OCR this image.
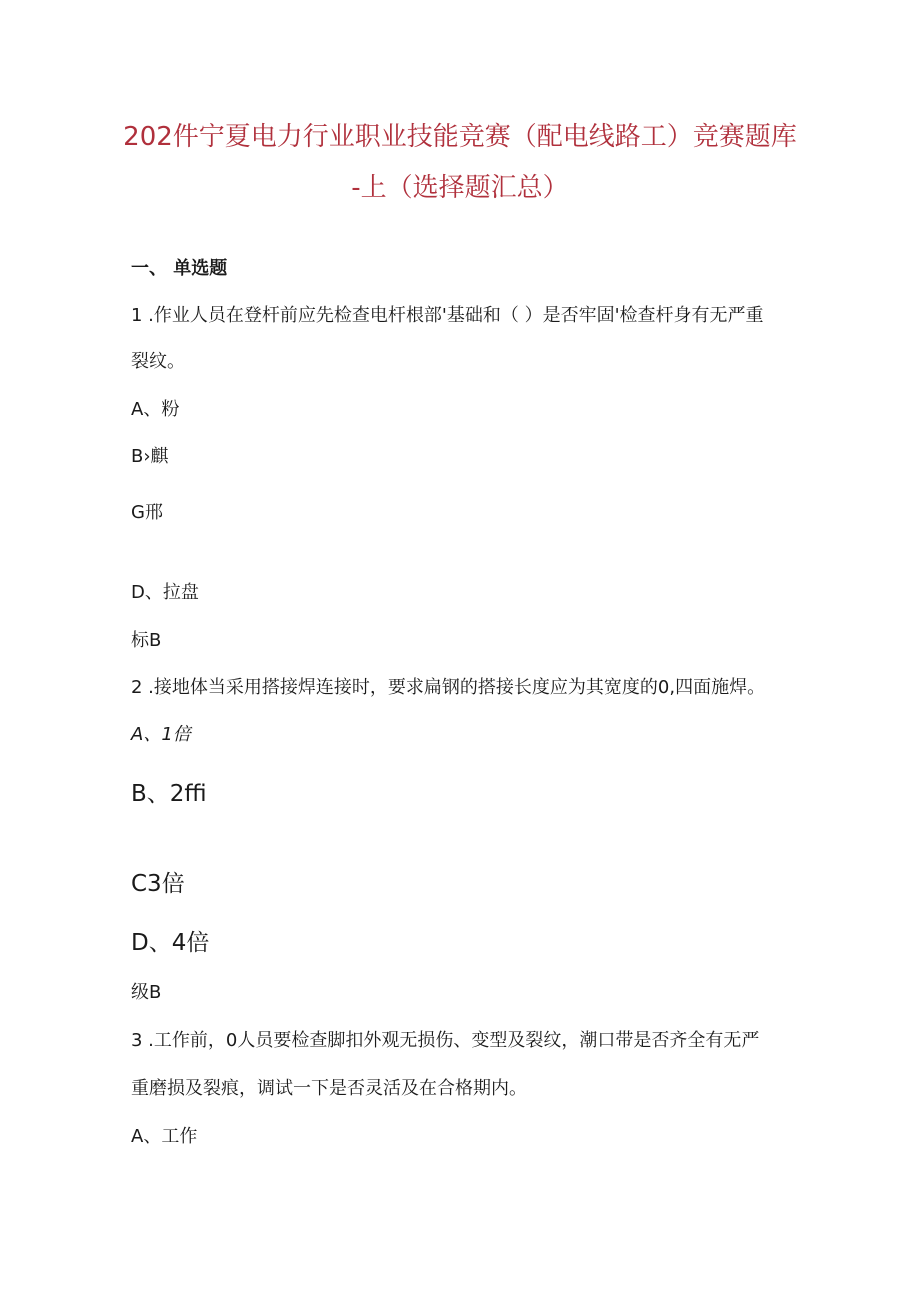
202件宁夏电力行业职业技能竞赛（配电线路工）竞赛题库
-上（选择题汇总）
一、 单选题
1 .作业人员在登杆前应先检查电杆根部'基础和（ ）是否牢固'检查杆身有无严重
裂纹。
A、粉
B›麒
G邢
D、拉盘
标B
2 .接地体当采用搭接焊连接时，要求扁钢的搭接长度应为其宽度的0,四面施焊。
A、1倍
B、2ffi
C3倍
D、4倍
级B
3 .工作前，0人员要检查脚扣外观无损伤、变型及裂纹，潮口带是否齐全有无严
重磨损及裂痕，调试一下是否灵活及在合格期内。
A、工作
